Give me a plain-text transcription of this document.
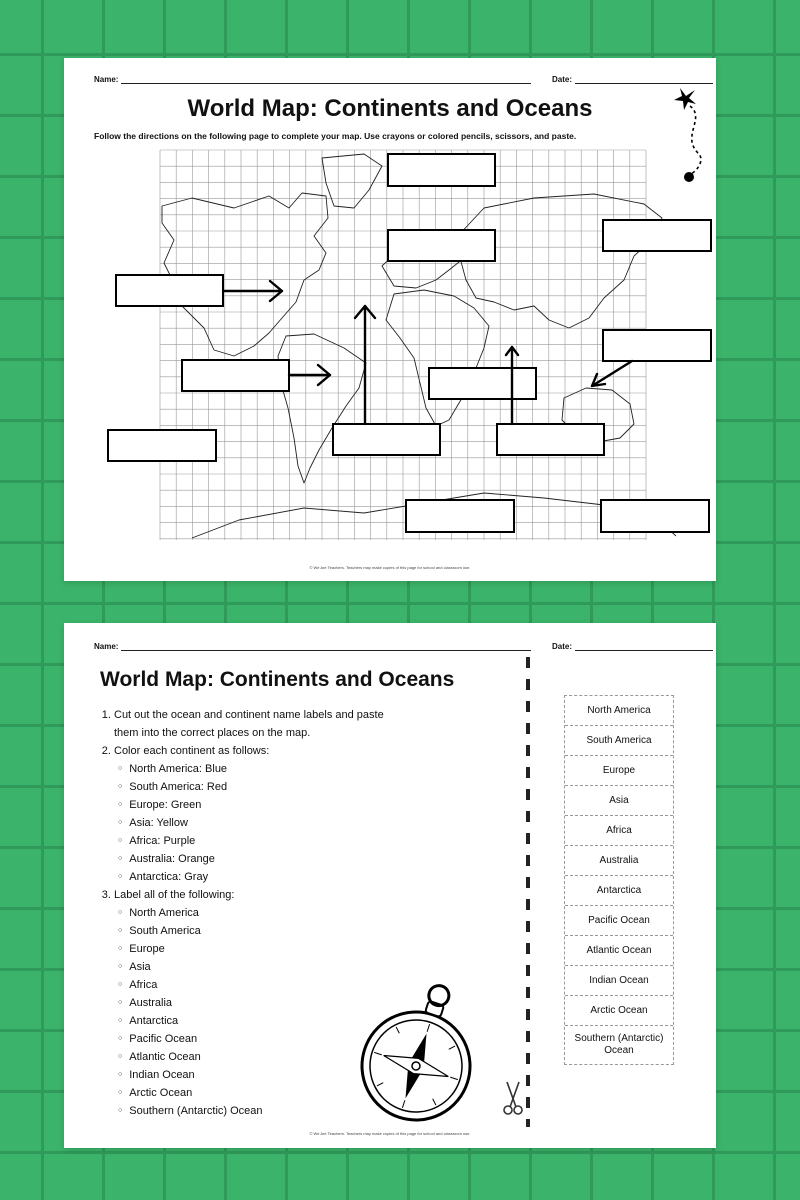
Name:	Date:
World Map: Continents and Oceans
Follow the directions on the following page to complete your map. Use crayons or colored pencils, scissors, and paste.
© We Are Teachers. Teachers may make copies of this page for school and classroom use.
Name:	Date:
World Map: Continents and Oceans
1. Cut out the ocean and continent name labels and paste them into the correct places on the map.
2. Color each continent as follows:
○ North America: Blue
○ South America: Red
○ Europe: Green
○ Asia: Yellow
○ Africa: Purple
○ Australia: Orange
○ Antarctica: Gray
3. Label all of the following:
○ North America
○ South America
○ Europe
○ Asia
○ Africa
○ Australia
○ Antarctica
○ Pacific Ocean
○ Atlantic Ocean
○ Indian Ocean
○ Arctic Ocean
○ Southern (Antarctic) Ocean
North America
South America
Europe
Asia
Africa
Australia
Antarctica
Pacific Ocean
Atlantic Ocean
Indian Ocean
Arctic Ocean
Southern (Antarctic) Ocean
© We Are Teachers. Teachers may make copies of this page for school and classroom use.
